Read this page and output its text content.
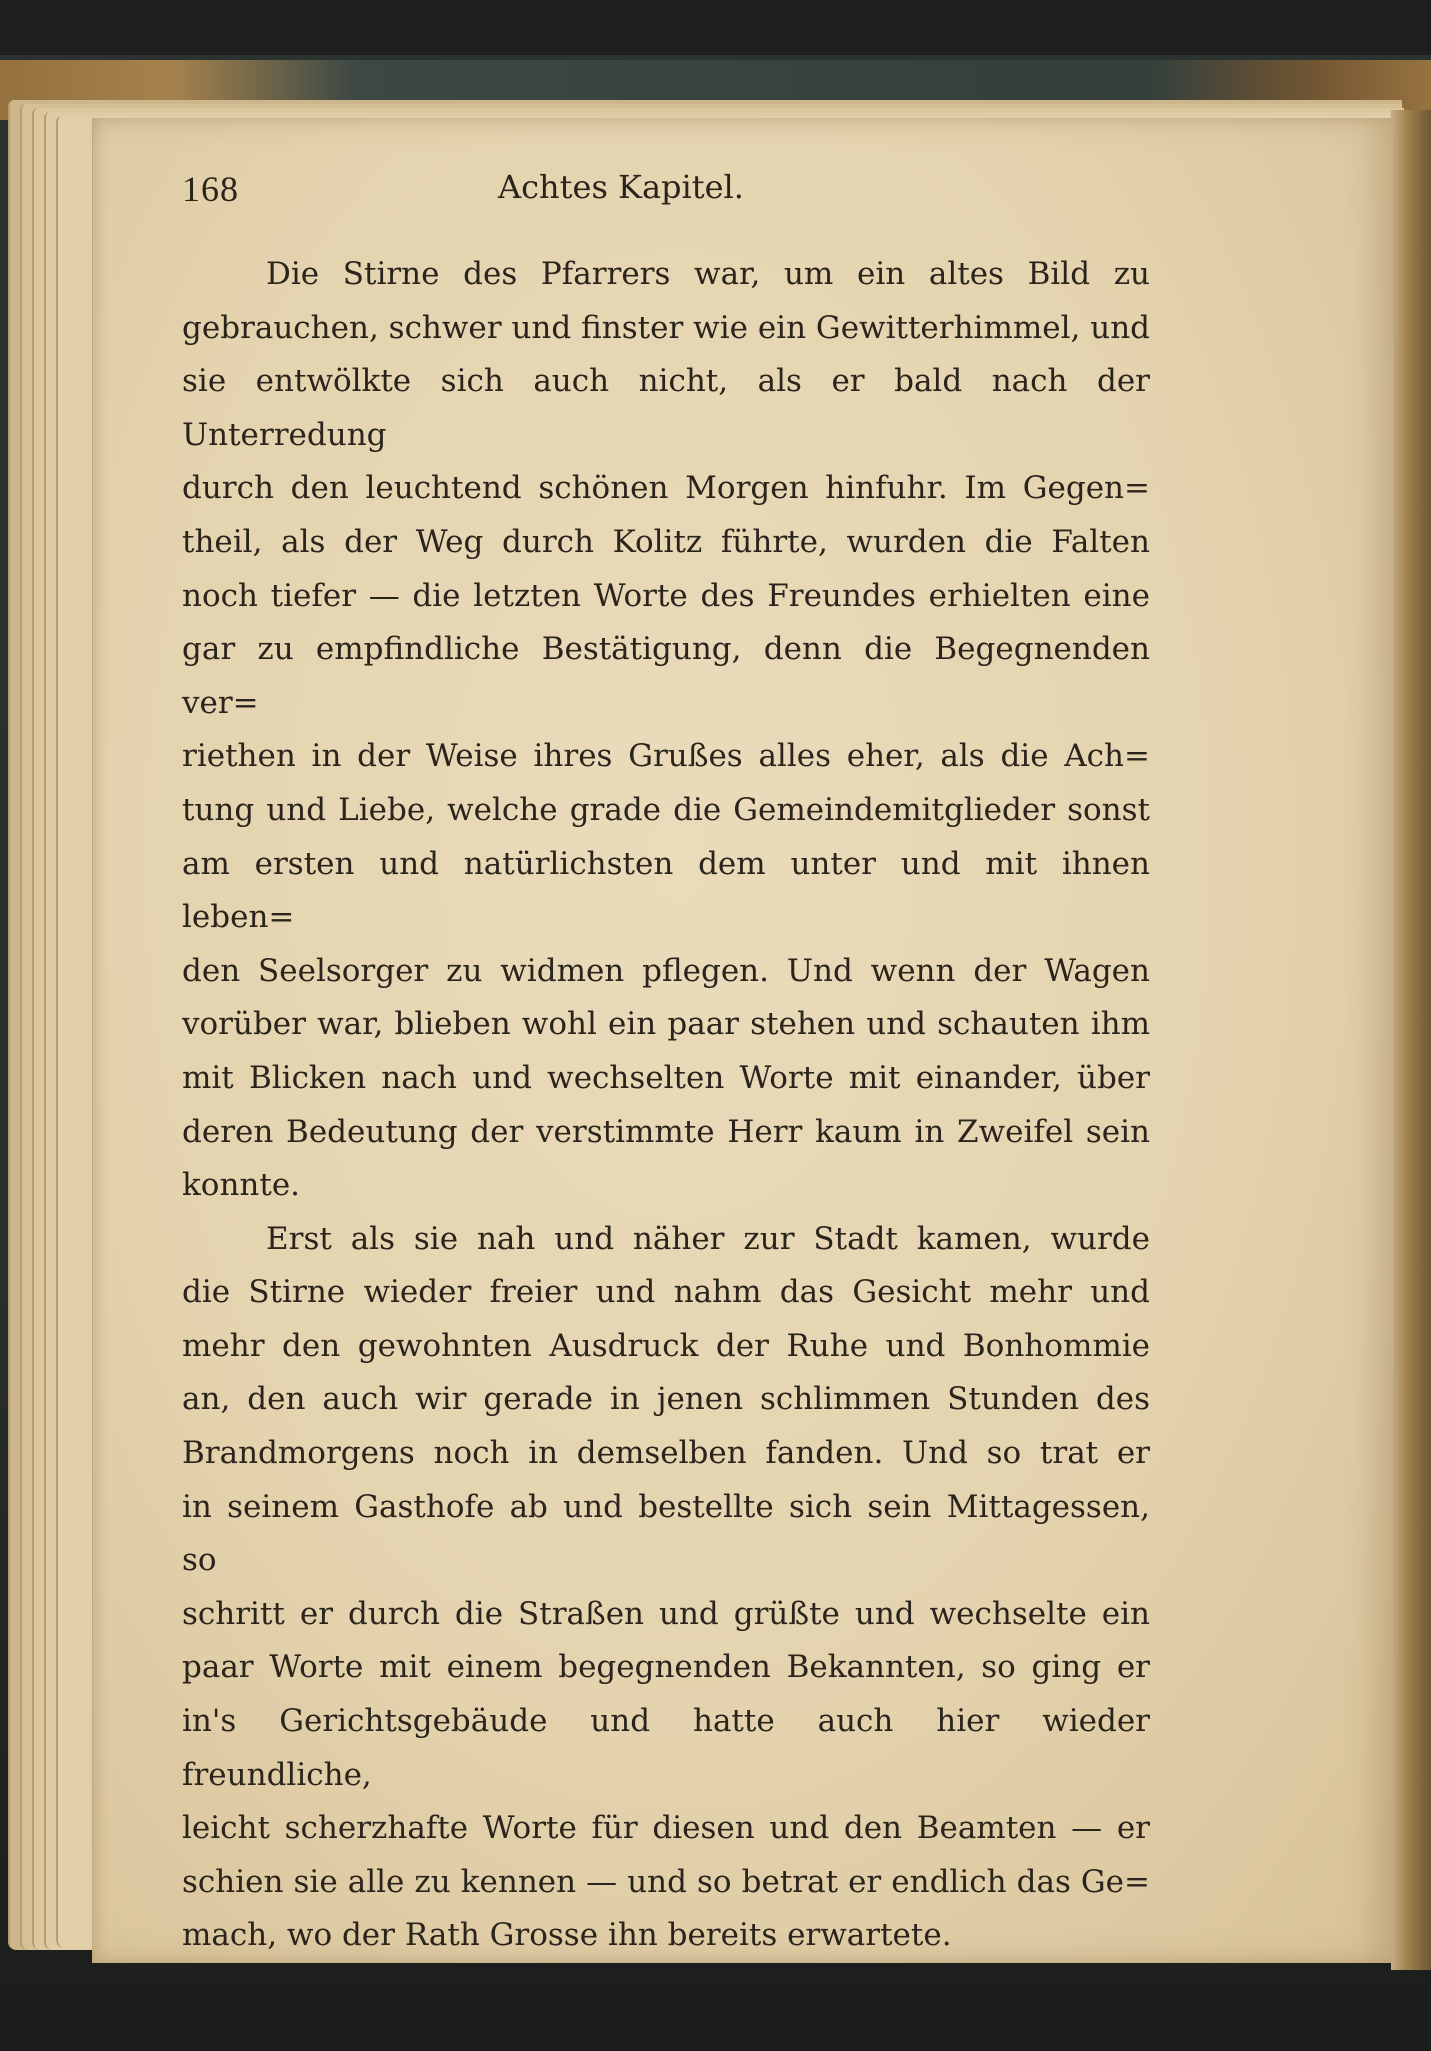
168	Achtes Kapitel.

Die Stirne des Pfarrers war, um ein altes Bild zu

gebrauchen, schwer und finster wie ein Gewitterhimmel, und

sie entwölkte sich auch nicht, als er bald nach der Unterredung

durch den leuchtend schönen Morgen hinfuhr. Im Gegen=

theil, als der Weg durch Kolitz führte, wurden die Falten

noch tiefer — die letzten Worte des Freundes erhielten eine

gar zu empfindliche Bestätigung, denn die Begegnenden ver=

riethen in der Weise ihres Grußes alles eher, als die Ach=

tung und Liebe, welche grade die Gemeindemitglieder sonst

am ersten und natürlichsten dem unter und mit ihnen leben=

den Seelsorger zu widmen pflegen. Und wenn der Wagen

vorüber war, blieben wohl ein paar stehen und schauten ihm

mit Blicken nach und wechselten Worte mit einander, über

deren Bedeutung der verstimmte Herr kaum in Zweifel sein

konnte.

Erst als sie nah und näher zur Stadt kamen, wurde

die Stirne wieder freier und nahm das Gesicht mehr und

mehr den gewohnten Ausdruck der Ruhe und Bonhommie

an, den auch wir gerade in jenen schlimmen Stunden des

Brandmorgens noch in demselben fanden. Und so trat er

in seinem Gasthofe ab und bestellte sich sein Mittagessen, so

schritt er durch die Straßen und grüßte und wechselte ein

paar Worte mit einem begegnenden Bekannten, so ging er

in's Gerichtsgebäude und hatte auch hier wieder freundliche,

leicht scherzhafte Worte für diesen und den Beamten — er

schien sie alle zu kennen — und so betrat er endlich das Ge=

mach, wo der Rath Grosse ihn bereits erwartete.
